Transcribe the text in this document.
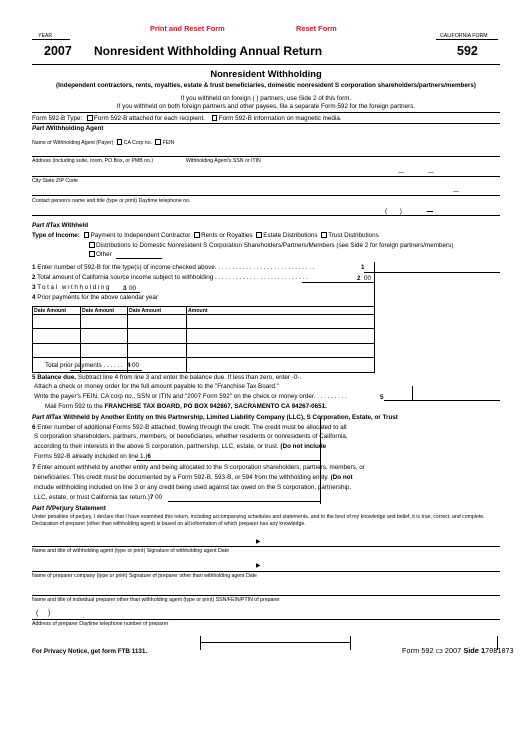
Print and Reset Form	Reset Form
YEAR
2007 Nonresident Withholding Annual Return
CALIFORNIA FORM
592
Nonresident Withholding
(Independent contractors, rents, royalties, estate & trust beneficiaries, domestic nonresident S corporation shareholders/partners/members)
If you withheld on foreign ( ) partners, use Side 2 of this form.
If you withheld on both foreign partners and other payees, file a separate Form 592 for the foreign partners.
Form 592-B Type: Form 592-B attached for each recipient. Form 592-B information on magnetic media.
Part IWithholding Agent
Name of Withholding Agent (Payer) CA Corp no. FEIN
Address (including suite, room, PO Box, or PMB no.)	Withholding Agent's SSN or ITIN
City State ZIP Code
Contact person's name and title (type or print) Daytime telephone no.
(       )
Part IITax Withheld
Type of Income: Payment to Independent Contractor Rents or Royalties Estate Distributions Trust Distributions
Distributions to Domestic Nonresident S Corporation Shareholders/Partners/Members (see Side 2 for foreign partners/members)
Other
1 Enter number of 592-B for the type(s) of income checked above. . . . . . . . . . . . . . . . . . . . . . . . . . . . .	1
2 Total amount of California source income subject to withholding . . . . . . . . . . . . . . . . . . . . . . . . . . .	2 00
3 Total withholding 3 00
4 Prior payments for the above calendar year
Date Amount	Date Amount	Date Amount	Amount

Total prior payments . . . . . . 4 00
5 Balance due. Subtract line 4 from line 3 and enter the balance due. If less than zero, enter -0-.
Attach a check or money order for the full amount payable to the "Franchise Tax Board."
Write the payer's FEIN, CA corp no., SSN or ITIN and "2007 Form 592" on the check or money order. . . . . . . . . .	5
Mail Form 592 to the FRANCHISE TAX BOARD, PO BOX 942867, SACRAMENTO CA 94267-0651.
Part IIITax Withheld by Another Entity on this Partnership, Limited Liability Company (LLC), S Corporation, Estate, or Trust
6 Enter number of additional Forms 592-B attached, flowing through the credit. The credit must be allocated to all
S corporation shareholders, partners, members, or beneficiaries, whether residents or nonresidents of California,
according to their interests in the above S corporation, partnership, LLC, estate, or trust. (Do not include
Forms 592-B already included on line 1.)6
7 Enter amount withheld by another entity and being allocated to the S corporation shareholders, partners, members, or
beneficiaries. This credit must be documented by a Form 592-B, 593-B, or 594 from the withholding entity. (Do not
include withholding included on line 3 or any credit being used against tax owed on the S corporation, partnership,
LLC, estate, or trust California tax return.)7 00
Part IVPerjury Statement
Under penalties of perjury, I declare that I have examined this return, including accompanying schedules and statements, and to the best of my knowledge and belief, it is true, correct, and complete. Declaration of preparer (other than withholding agent) is based on all information of which preparer has any knowledge.
▶
Name and title of withholding agent (type or print) Signature of withholding agent Date
▶
Name of preparer company (type or print) Signature of preparer other than withholding agent Date
Name and title of individual preparer other than withholding agent (type or print) SSN/FEIN/PTIN of preparer
(     )
Address of preparer Daytime telephone number of preparer
For Privacy Notice, get form FTB 1131.	Form 592 C3 2007 Side 17081073
